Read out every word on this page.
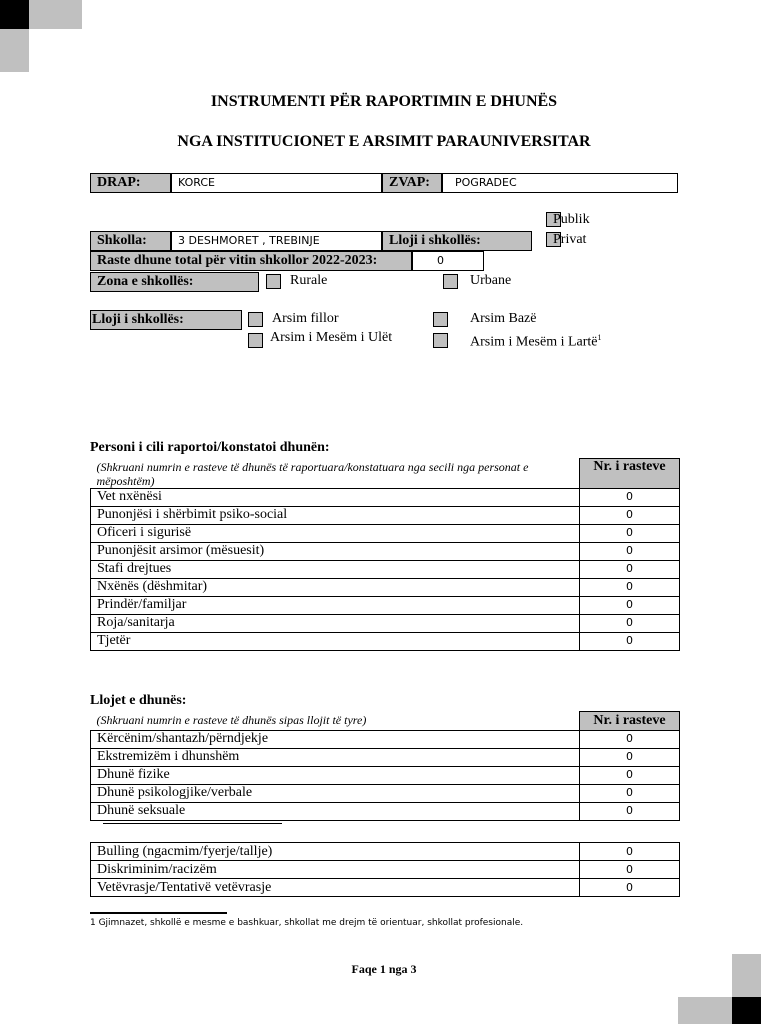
INSTRUMENTI PËR RAPORTIMIN E DHUNËS
NGA INSTITUCIONET E ARSIMIT PARAUNIVERSITAR
DRAP:	KORCE	ZVAP:	POGRADEC
Publik
Privat
Shkolla:	3 DESHMORET , TREBINJE	Lloji i shkollës:
Raste dhune total për vitin shkollor 2022-2023:	0
Zona e shkollës:	Rurale	Urbane
Lloji i shkollës:	Arsim fillor	Arsim Bazë
Arsim i Mesëm i Ulët	Arsim i Mesëm i Lartë$^1$
Personi i cili raportoi/konstatoi dhunën:
(Shkruani numrin e rasteve të dhunës të raportuara/konstatuara nga secili nga personat e mëposhtëm)	Nr. i rasteve
Vet nxënësi	0
Punonjësi i shërbimit psiko-social	0
Oficeri i sigurisë	0
Punonjësit arsimor (mësuesit)	0
Stafi drejtues	0
Nxënës (dëshmitar)	0
Prindër/familjar	0
Roja/sanitarja	0
Tjetër	0
Llojet e dhunës:
(Shkruani numrin e rasteve të dhunës sipas llojit të tyre)	Nr. i rasteve
Kërcënim/shantazh/përndjekje	0
Ekstremizëm i dhunshëm	0
Dhunë fizike	0
Dhunë psikologjike/verbale	0
Dhunë seksuale	0
Bulling (ngacmim/fyerje/tallje)	0
Diskriminim/racizëm	0
Vetëvrasje/Tentativë vetëvrasje	0
1 Gjimnazet, shkollë e mesme e bashkuar, shkollat me drejm të orientuar, shkollat profesionale.
Faqe 1 nga 3
